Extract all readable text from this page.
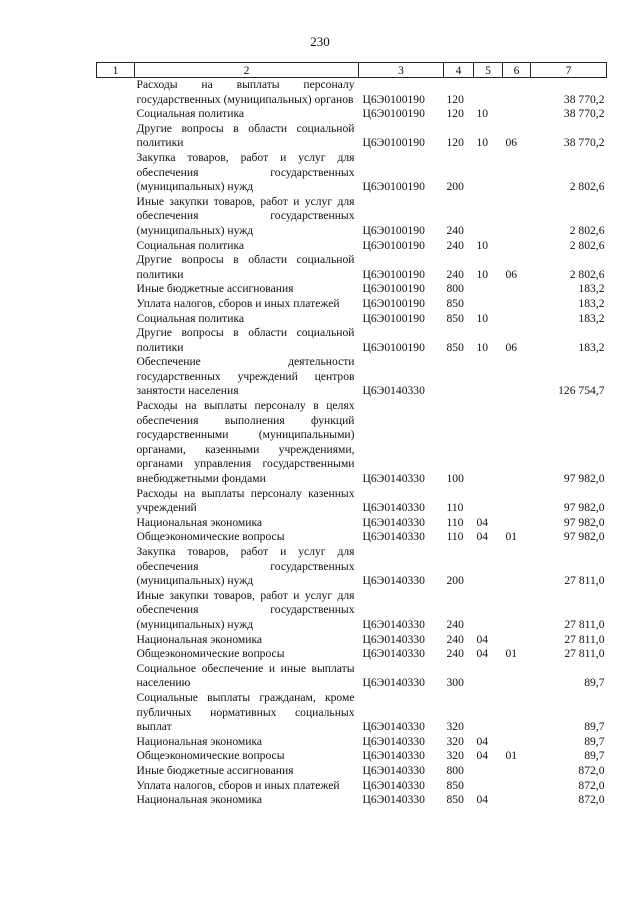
230
1	2	3	4	5	6	7
	Расходы на выплаты персоналу государственных (муниципальных) органов	Ц6Э0100190	120			38 770,2
	Социальная политика	Ц6Э0100190	120	10		38 770,2
	Другие вопросы в области социальной политики	Ц6Э0100190	120	10	06	38 770,2
	Закупка товаров, работ и услуг для обеспечения государственных (муниципальных) нужд	Ц6Э0100190	200			2 802,6
	Иные закупки товаров, работ и услуг для обеспечения государственных (муниципальных) нужд	Ц6Э0100190	240			2 802,6
	Социальная политика	Ц6Э0100190	240	10		2 802,6
	Другие вопросы в области социальной политики	Ц6Э0100190	240	10	06	2 802,6
	Иные бюджетные ассигнования	Ц6Э0100190	800			183,2
	Уплата налогов, сборов и иных платежей	Ц6Э0100190	850			183,2
	Социальная политика	Ц6Э0100190	850	10		183,2
	Другие вопросы в области социальной политики	Ц6Э0100190	850	10	06	183,2
	Обеспечение деятельности государственных учреждений центров занятости населения	Ц6Э0140330				126 754,7
	Расходы на выплаты персоналу в целях обеспечения выполнения функций государственными (муниципальными) органами, казенными учреждениями, органами управления государственными внебюджетными фондами	Ц6Э0140330	100			97 982,0
	Расходы на выплаты персоналу казенных учреждений	Ц6Э0140330	110			97 982,0
	Национальная экономика	Ц6Э0140330	110	04		97 982,0
	Общеэкономические вопросы	Ц6Э0140330	110	04	01	97 982,0
	Закупка товаров, работ и услуг для обеспечения государственных (муниципальных) нужд	Ц6Э0140330	200			27 811,0
	Иные закупки товаров, работ и услуг для обеспечения государственных (муниципальных) нужд	Ц6Э0140330	240			27 811,0
	Национальная экономика	Ц6Э0140330	240	04		27 811,0
	Общеэкономические вопросы	Ц6Э0140330	240	04	01	27 811,0
	Социальное обеспечение и иные выплаты населению	Ц6Э0140330	300			89,7
	Социальные выплаты гражданам, кроме публичных нормативных социальных выплат	Ц6Э0140330	320			89,7
	Национальная экономика	Ц6Э0140330	320	04		89,7
	Общеэкономические вопросы	Ц6Э0140330	320	04	01	89,7
	Иные бюджетные ассигнования	Ц6Э0140330	800			872,0
	Уплата налогов, сборов и иных платежей	Ц6Э0140330	850			872,0
	Национальная экономика	Ц6Э0140330	850	04		872,0
